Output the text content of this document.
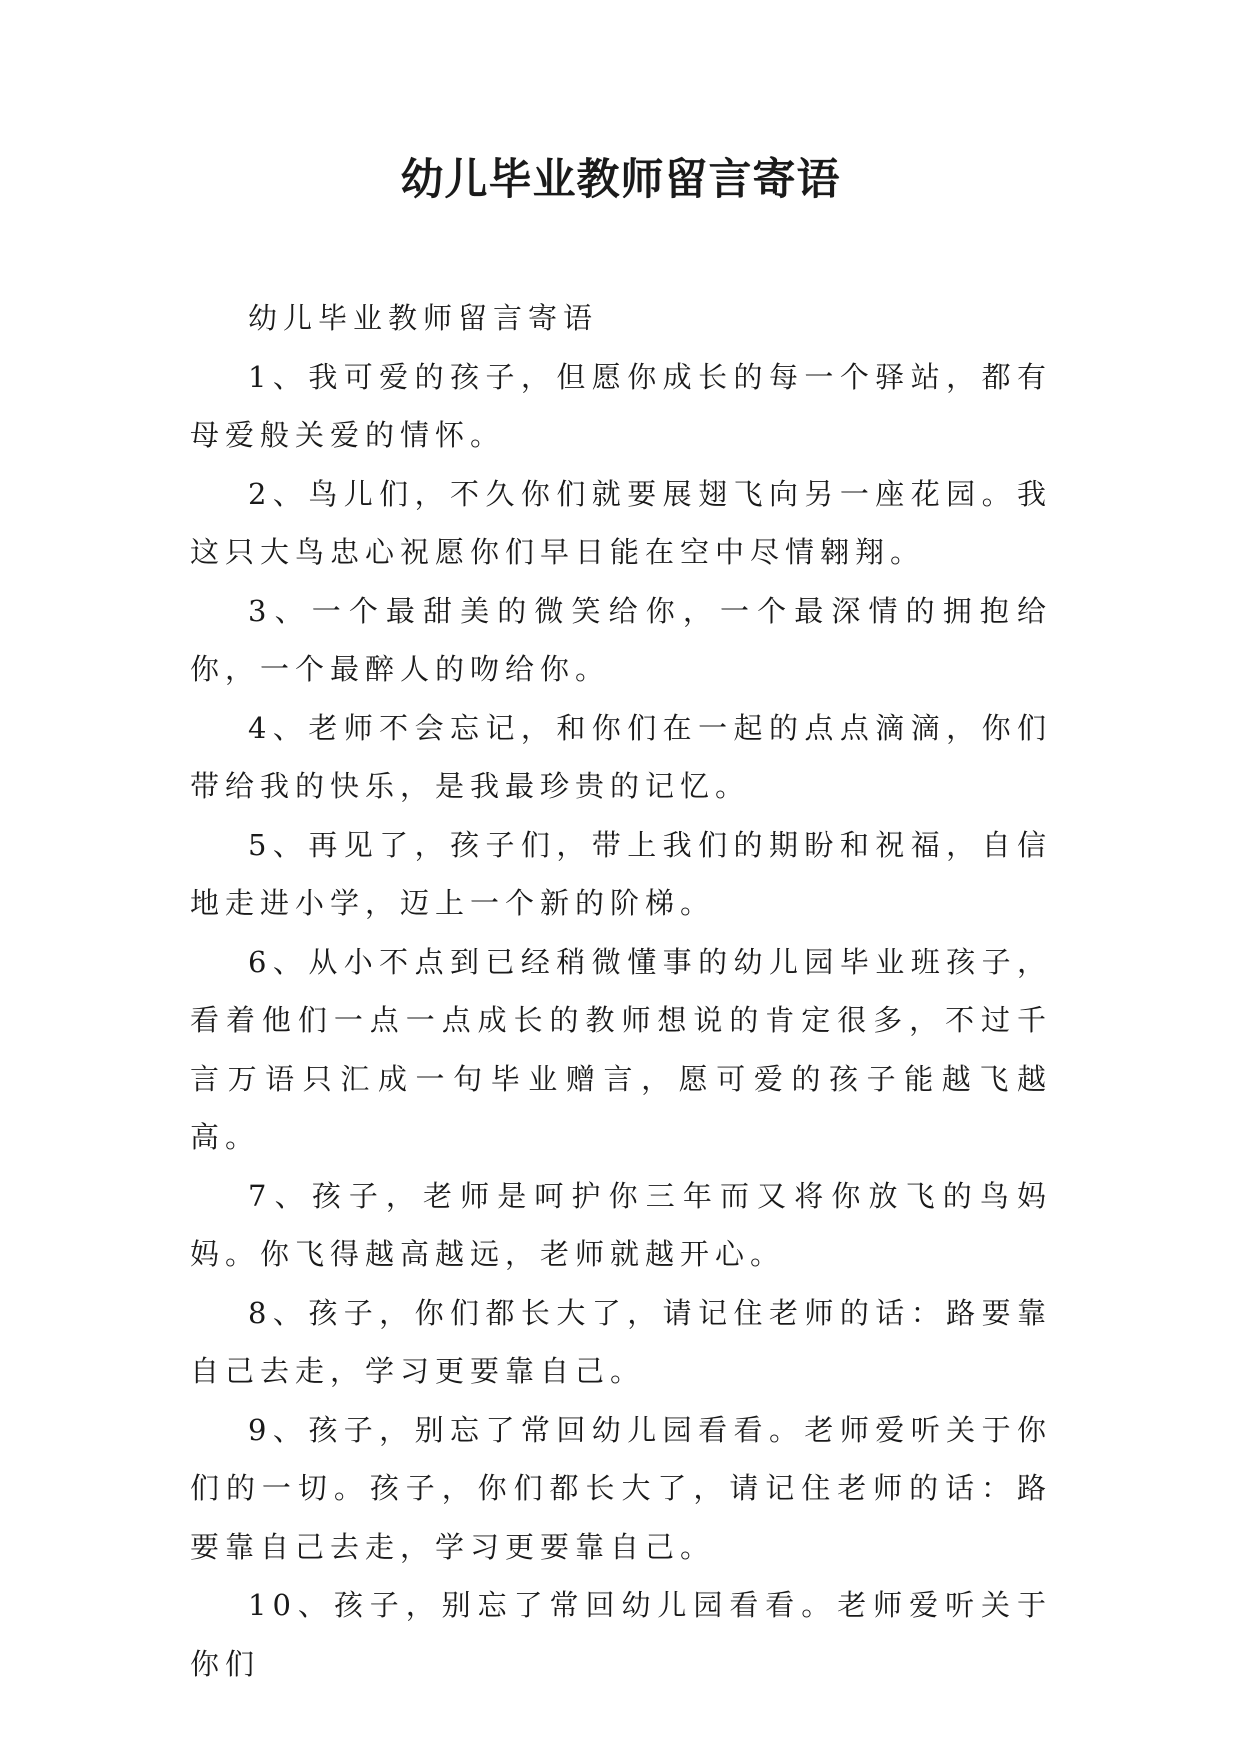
幼儿毕业教师留言寄语

幼儿毕业教师留言寄语

1、我可爱的孩子，但愿你成长的每一个驿站，都有母爱般关爱的情怀。

2、鸟儿们，不久你们就要展翅飞向另一座花园。我这只大鸟忠心祝愿你们早日能在空中尽情翱翔。

3、一个最甜美的微笑给你，一个最深情的拥抱给你，一个最醉人的吻给你。

4、老师不会忘记，和你们在一起的点点滴滴，你们带给我的快乐，是我最珍贵的记忆。

5、再见了，孩子们，带上我们的期盼和祝福，自信地走进小学，迈上一个新的阶梯。

6、从小不点到已经稍微懂事的幼儿园毕业班孩子，看着他们一点一点成长的教师想说的肯定很多，不过千言万语只汇成一句毕业赠言，愿可爱的孩子能越飞越高。

7、孩子，老师是呵护你三年而又将你放飞的鸟妈妈。你飞得越高越远，老师就越开心。

8、孩子，你们都长大了，请记住老师的话：路要靠自己去走，学习更要靠自己。

9、孩子，别忘了常回幼儿园看看。老师爱听关于你们的一切。孩子，你们都长大了，请记住老师的话：路要靠自己去走，学习更要靠自己。

10、孩子，别忘了常回幼儿园看看。老师爱听关于你们
